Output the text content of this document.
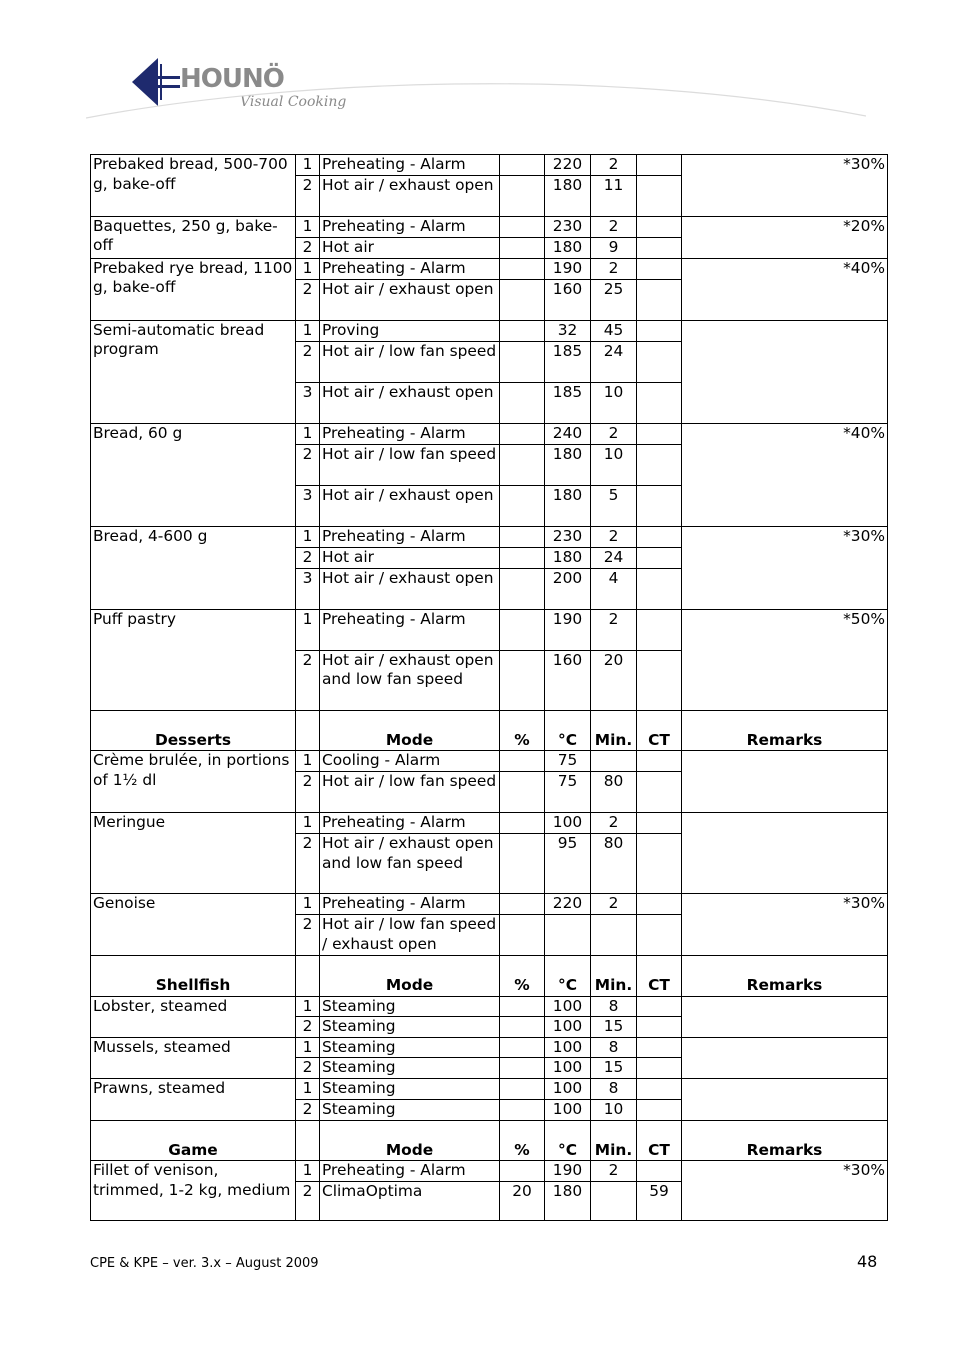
HOUNÖ
Visual Cooking
Prebaked bread, 500-700 g, bake-off	1	Preheating - Alarm		220	2		*30%
	2	Hot air / exhaust open		180	11		
Baquettes, 250 g, bake-off	1	Preheating - Alarm		230	2		*20%
	2	Hot air		180	9		
Prebaked rye bread, 1100 g, bake-off	1	Preheating - Alarm		190	2		*40%
	2	Hot air / exhaust open		160	25		
Semi-automatic bread program	1	Proving		32	45		
	2	Hot air / low fan speed		185	24		
	3	Hot air / exhaust open		185	10		
Bread, 60 g	1	Preheating - Alarm		240	2		*40%
	2	Hot air / low fan speed		180	10		
	3	Hot air / exhaust open		180	5		
Bread, 4-600 g	1	Preheating - Alarm		230	2		*30%
	2	Hot air		180	24		
	3	Hot air / exhaust open		200	4		
Puff pastry	1	Preheating - Alarm		190	2		*50%
	2	Hot air / exhaust open and low fan speed		160	20		
Desserts		Mode	%	°C	Min.	CT	Remarks
Crème brulée, in portions of 1½ dl	1	Cooling - Alarm		75			
	2	Hot air / low fan speed		75	80		
Meringue	1	Preheating - Alarm		100	2		
	2	Hot air / exhaust open and low fan speed		95	80		
Genoise	1	Preheating - Alarm		220	2		*30%
	2	Hot air / low fan speed / exhaust open					
Shellfish		Mode	%	°C	Min.	CT	Remarks
Lobster, steamed	1	Steaming		100	8		
	2	Steaming		100	15		
Mussels, steamed	1	Steaming		100	8		
	2	Steaming		100	15		
Prawns, steamed	1	Steaming		100	8		
	2	Steaming		100	10		
Game		Mode	%	°C	Min.	CT	Remarks
Fillet of venison, trimmed, 1-2 kg, medium	1	Preheating - Alarm		190	2		*30%
	2	ClimaOptima	20	180		59	
CPE & KPE – ver. 3.x – August 2009	48
